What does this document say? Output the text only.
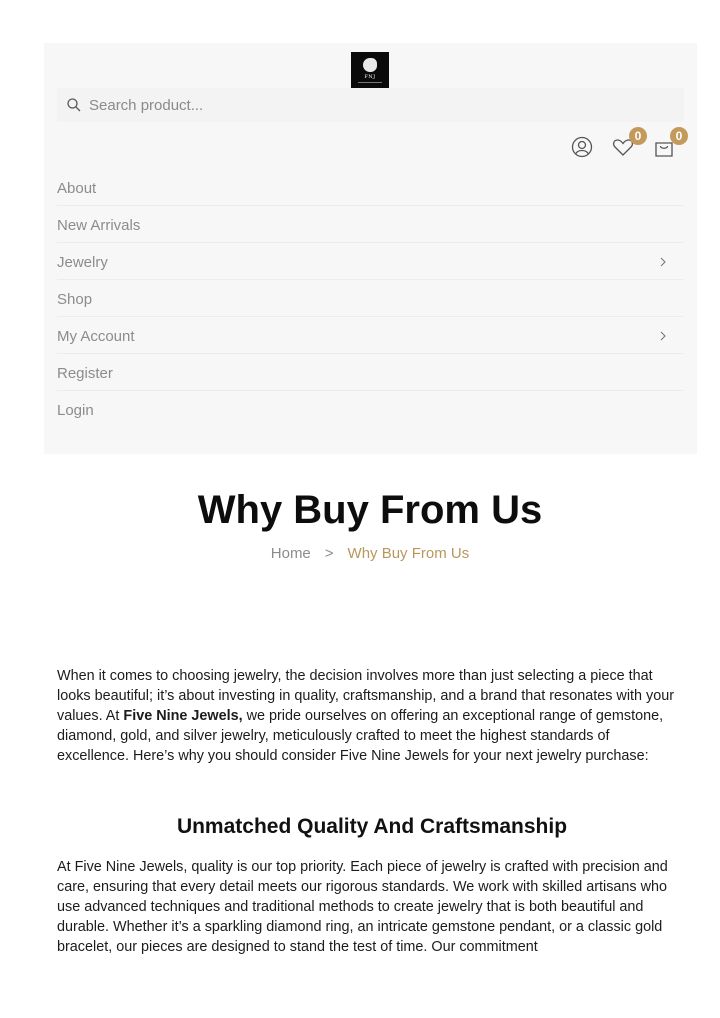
FNJ
Search product...
0	0
About
New Arrivals
Jewelry
Shop
My Account
Register
Login
Why Buy From Us
Home > Why Buy From Us

When it comes to choosing jewelry, the decision involves more than just selecting a piece that looks beautiful; it’s about investing in quality, craftsmanship, and a brand that resonates with your values. At Five Nine Jewels, we pride ourselves on offering an exceptional range of gemstone, diamond, gold, and silver jewelry, meticulously crafted to meet the highest standards of excellence. Here’s why you should consider Five Nine Jewels for your next jewelry purchase:

Unmatched Quality And Craftsmanship

At Five Nine Jewels, quality is our top priority. Each piece of jewelry is crafted with precision and care, ensuring that every detail meets our rigorous standards. We work with skilled artisans who use advanced techniques and traditional methods to create jewelry that is both beautiful and durable. Whether it’s a sparkling diamond ring, an intricate gemstone pendant, or a classic gold bracelet, our pieces are designed to stand the test of time. Our commitment
